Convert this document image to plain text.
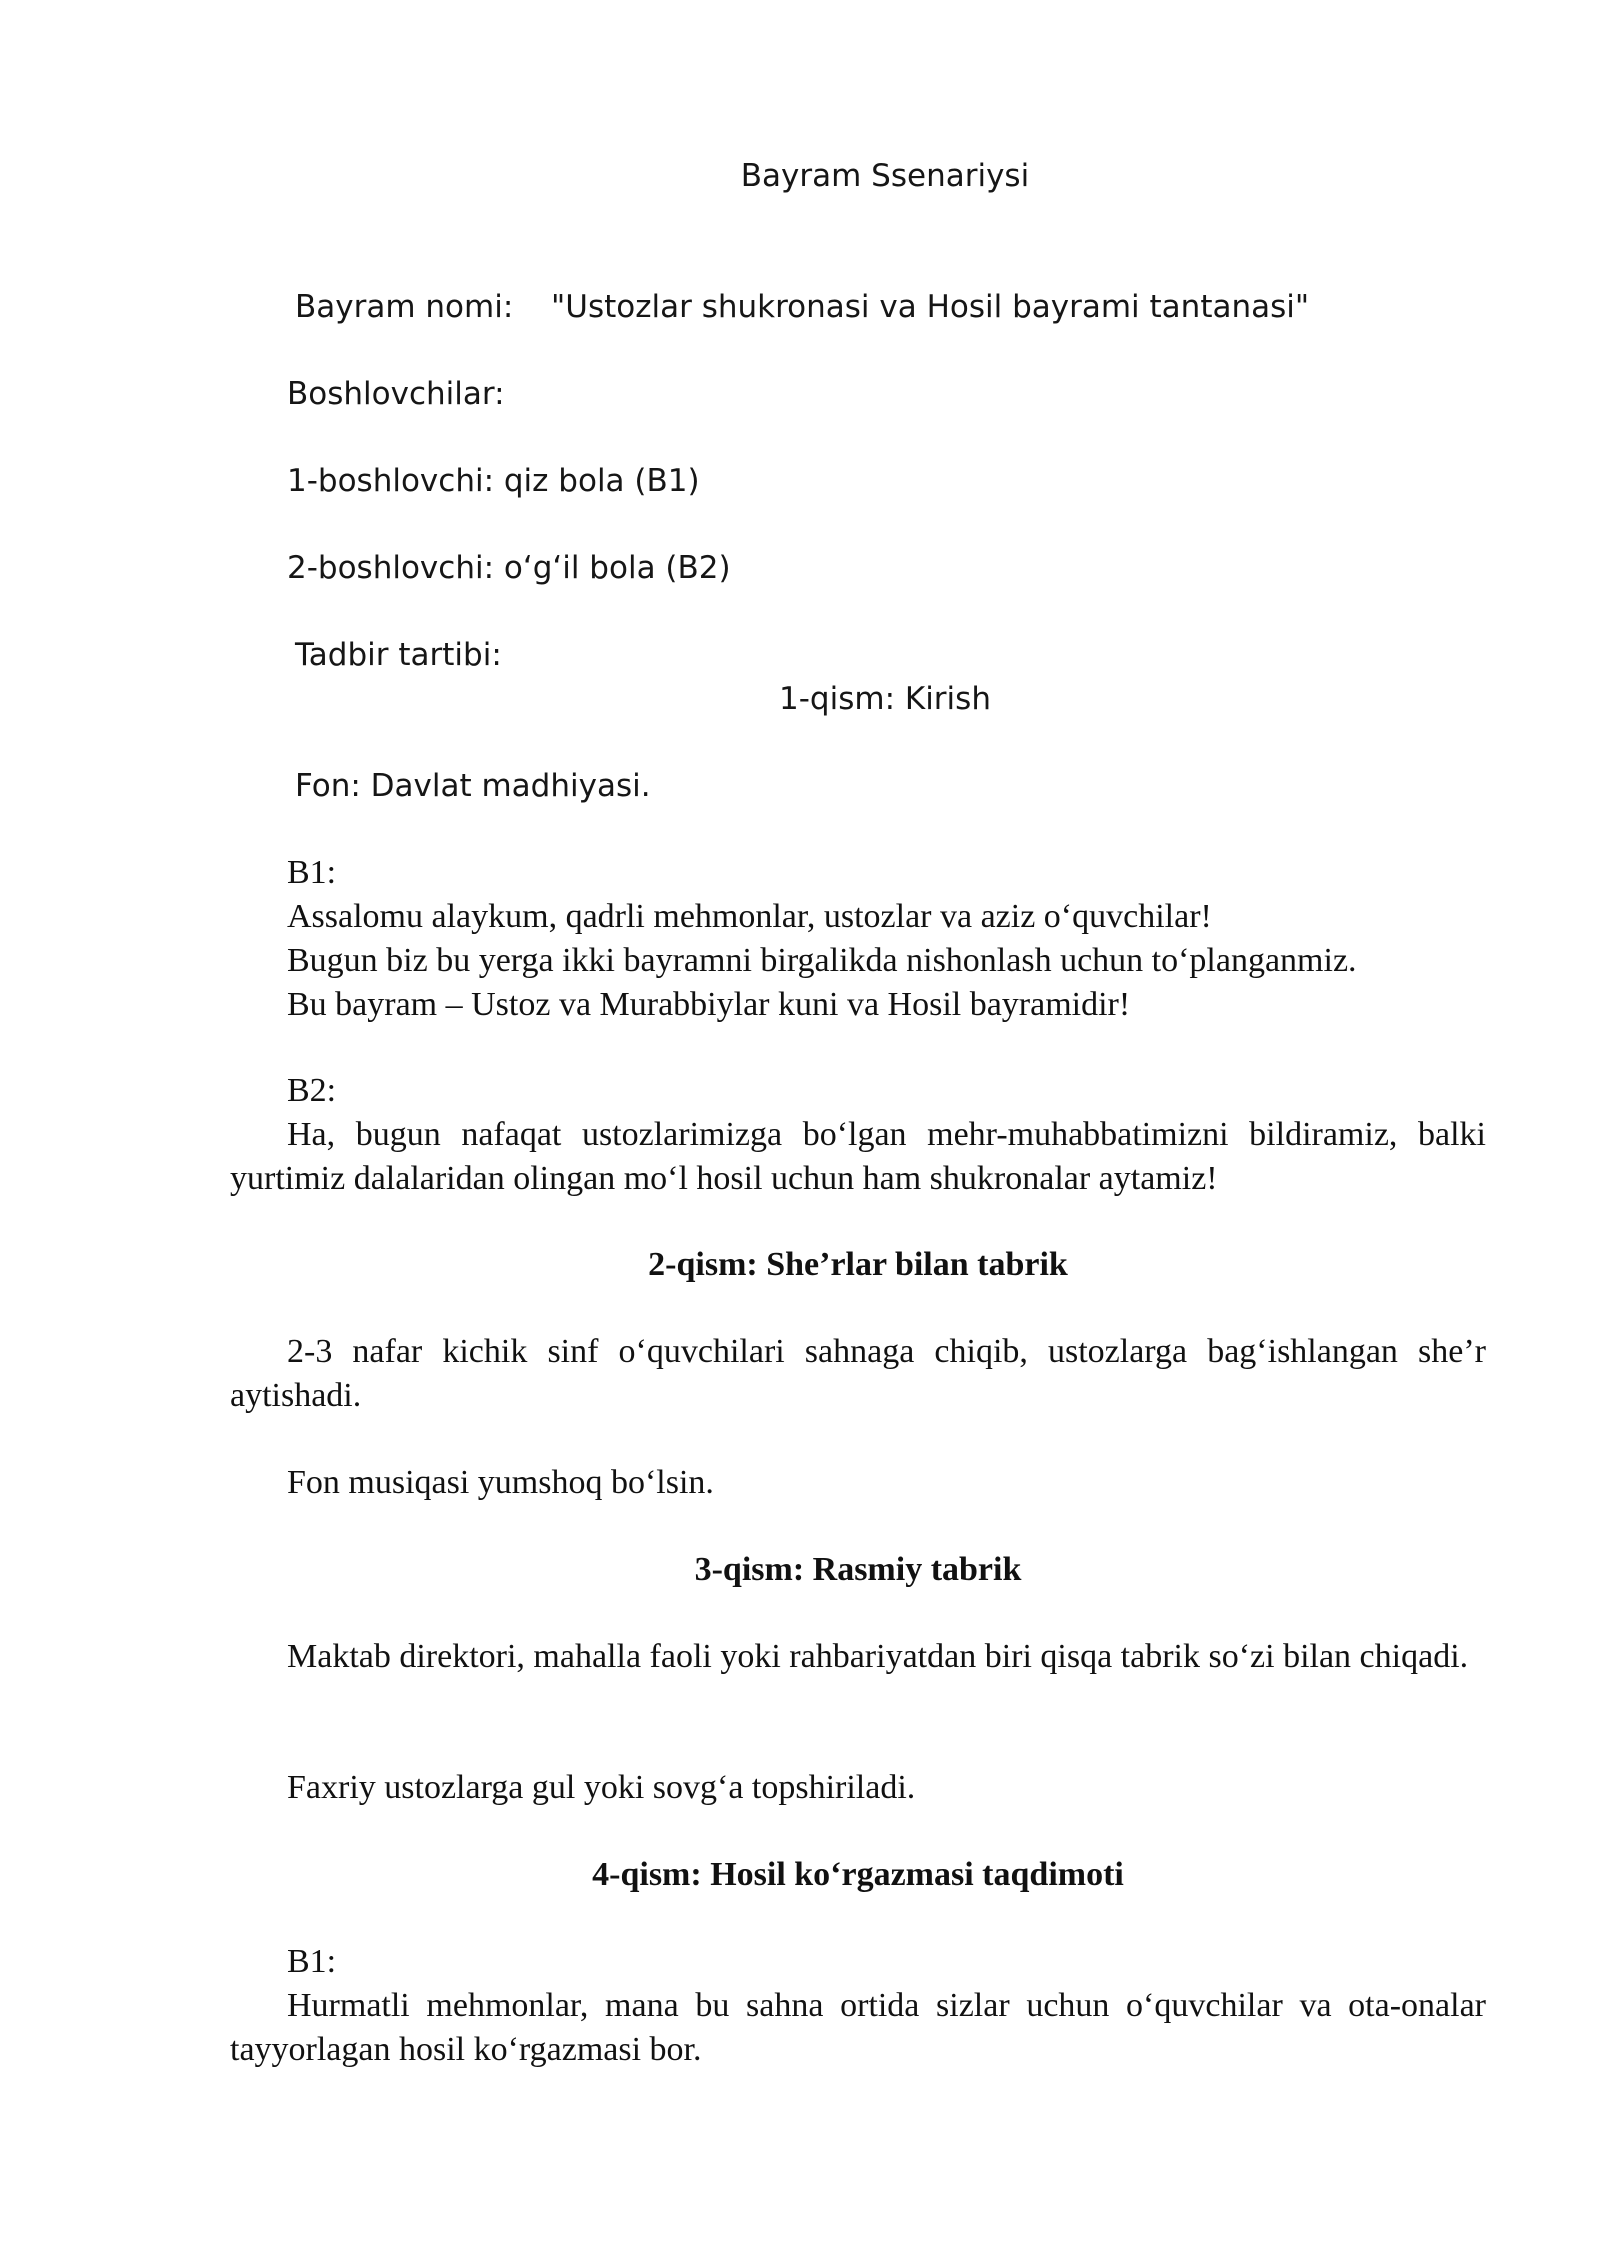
Bayram Ssenariysi
Bayram nomi: "Ustozlar shukronasi va Hosil bayrami tantanasi"
Boshlovchilar:
1-boshlovchi: qiz bola (B1)
2-boshlovchi: o‘g‘il bola (B2)
Tadbir tartibi:
1-qism: Kirish
Fon: Davlat madhiyasi.

B1:

Assalomu alaykum, qadrli mehmonlar, ustozlar va aziz o‘quvchilar!

Bugun biz bu yerga ikki bayramni birgalikda nishonlash uchun to‘planganmiz.

Bu bayram – Ustoz va Murabbiylar kuni va Hosil bayramidir!

B2:

Ha, bugun nafaqat ustozlarimizga bo‘lgan mehr-muhabbatimizni bildiramiz, balki yurtimiz dalalaridan olingan mo‘l hosil uchun ham shukronalar aytamiz!

2-qism: She’rlar bilan tabrik

2-3 nafar kichik sinf o‘quvchilari sahnaga chiqib, ustozlarga bag‘ishlangan she’r aytishadi.

Fon musiqasi yumshoq bo‘lsin.

3-qism: Rasmiy tabrik

Maktab direktori, mahalla faoli yoki rahbariyatdan biri qisqa tabrik so‘zi bilan chiqadi.

Faxriy ustozlarga gul yoki sovg‘a topshiriladi.

4-qism: Hosil ko‘rgazmasi taqdimoti

B1:

Hurmatli mehmonlar, mana bu sahna ortida sizlar uchun o‘quvchilar va ota-onalar tayyorlagan hosil ko‘rgazmasi bor.
